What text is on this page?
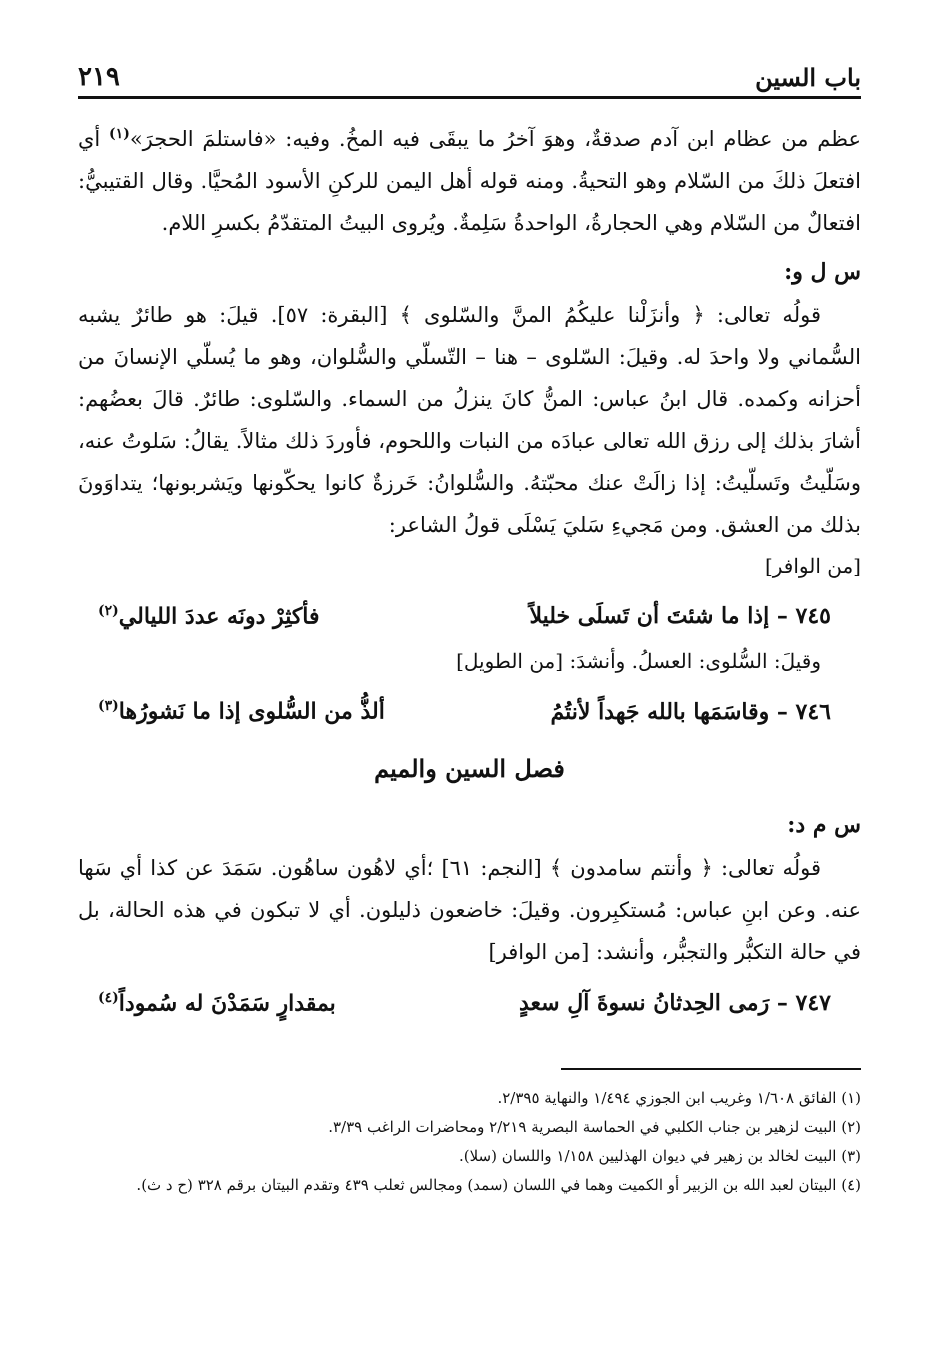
باب السين
٢١٩

عظم من عظام ابن آدم صدقةٌ، وهوَ آخرُ ما يبقَى فيه المخُ. وفيه: «فاستلمَ الحجرَ»$^{(١)}$ أي افتعلَ ذلكَ من السّلام وهو التحيةُ. ومنه قوله أهل اليمن للركنِ الأسود المُحيَّا. وقال القتيبيُّ: افتعالٌ من السّلام وهي الحجارةُ، الواحدةُ سَلِمةٌ. ويُروى البيتُ المتقدّمُ بكسرِ اللام.

س ل و:

قولُه تعالى: ﴿ وأنزَلْنا عليكُمُ المنَّ والسّلوى ﴾ [البقرة: ٥٧]. قيلَ: هو طائرٌ يشبه السُّماني ولا واحدَ له. وقيلَ: السّلوى – هنا – التّسلّي والسُّلوان، وهو ما يُسلّي الإنسانَ من أحزانه وكمده. قال ابنُ عباس: المنُّ كانَ ينزلُ من السماء. والسّلوى: طائرٌ. قالَ بعضُهم: أشارَ بذلك إلى رزق الله تعالى عبادَه من النبات واللحوم، فأوردَ ذلك مثالاً. يقالُ: سَلوتُ عنه، وسَلّيتُ وتَسلّيتُ: إذا زالَتْ عنك محبّتهُ. والسُّلوانُ: خَرزةٌ كانوا يحكّونها ويَشربونها؛ يتداوَونَ بذلك من العشق. ومن مَجيءِ سَليَ يَسْلَى قولُ الشاعر:

[من الوافر]

٧٤٥ – إذا ما شئتَ أن تَسلَى خليلاً
فأكثِرْ دونَه عددَ الليالي$^{(٢)}$

وقيلَ: السُّلوى: العسلُ. وأنشدَ: [من الطويل]

٧٤٦ – وقاسَمَها بالله جَهداً لأنتُمُ
ألذُّ من السُّلوى إذا ما نَشورُها$^{(٣)}$
فصل السين والميم

س م د:

قولُه تعالى: ﴿ وأنتم سامدون ﴾ [النجم: ٦١] ؛أي لاهُون ساهُون. سَمَدَ عن كذا أي سَها عنه. وعن ابنِ عباس: مُستكبِرون. وقيلَ: خاضعون ذليلون. أي لا تبكون في هذه الحالة، بل في حالة التكبُّر والتجبُّر، وأنشد: [من الوافر]

٧٤٧ – رَمى الحِدثانُ نسوةَ آلِ سعدٍ
بمقدارٍ سَمَدْنَ له سُموداً$^{(٤)}$

(١) الفائق ١/٦٠٨ وغريب ابن الجوزي ١/٤٩٤ والنهاية ٢/٣٩٥.

(٢) البيت لزهير بن جناب الكلبي في الحماسة البصرية ٢/٢١٩ ومحاضرات الراغب ٣/٣٩.

(٣) البيت لخالد بن زهير في ديوان الهذليين ١/١٥٨ واللسان (سلا).

(٤) البيتان لعبد الله بن الزبير أو الكميت وهما في اللسان (سمد) ومجالس ثعلب ٤٣٩ وتقدم البيتان برقم ٣٢٨ (ح د ث).
